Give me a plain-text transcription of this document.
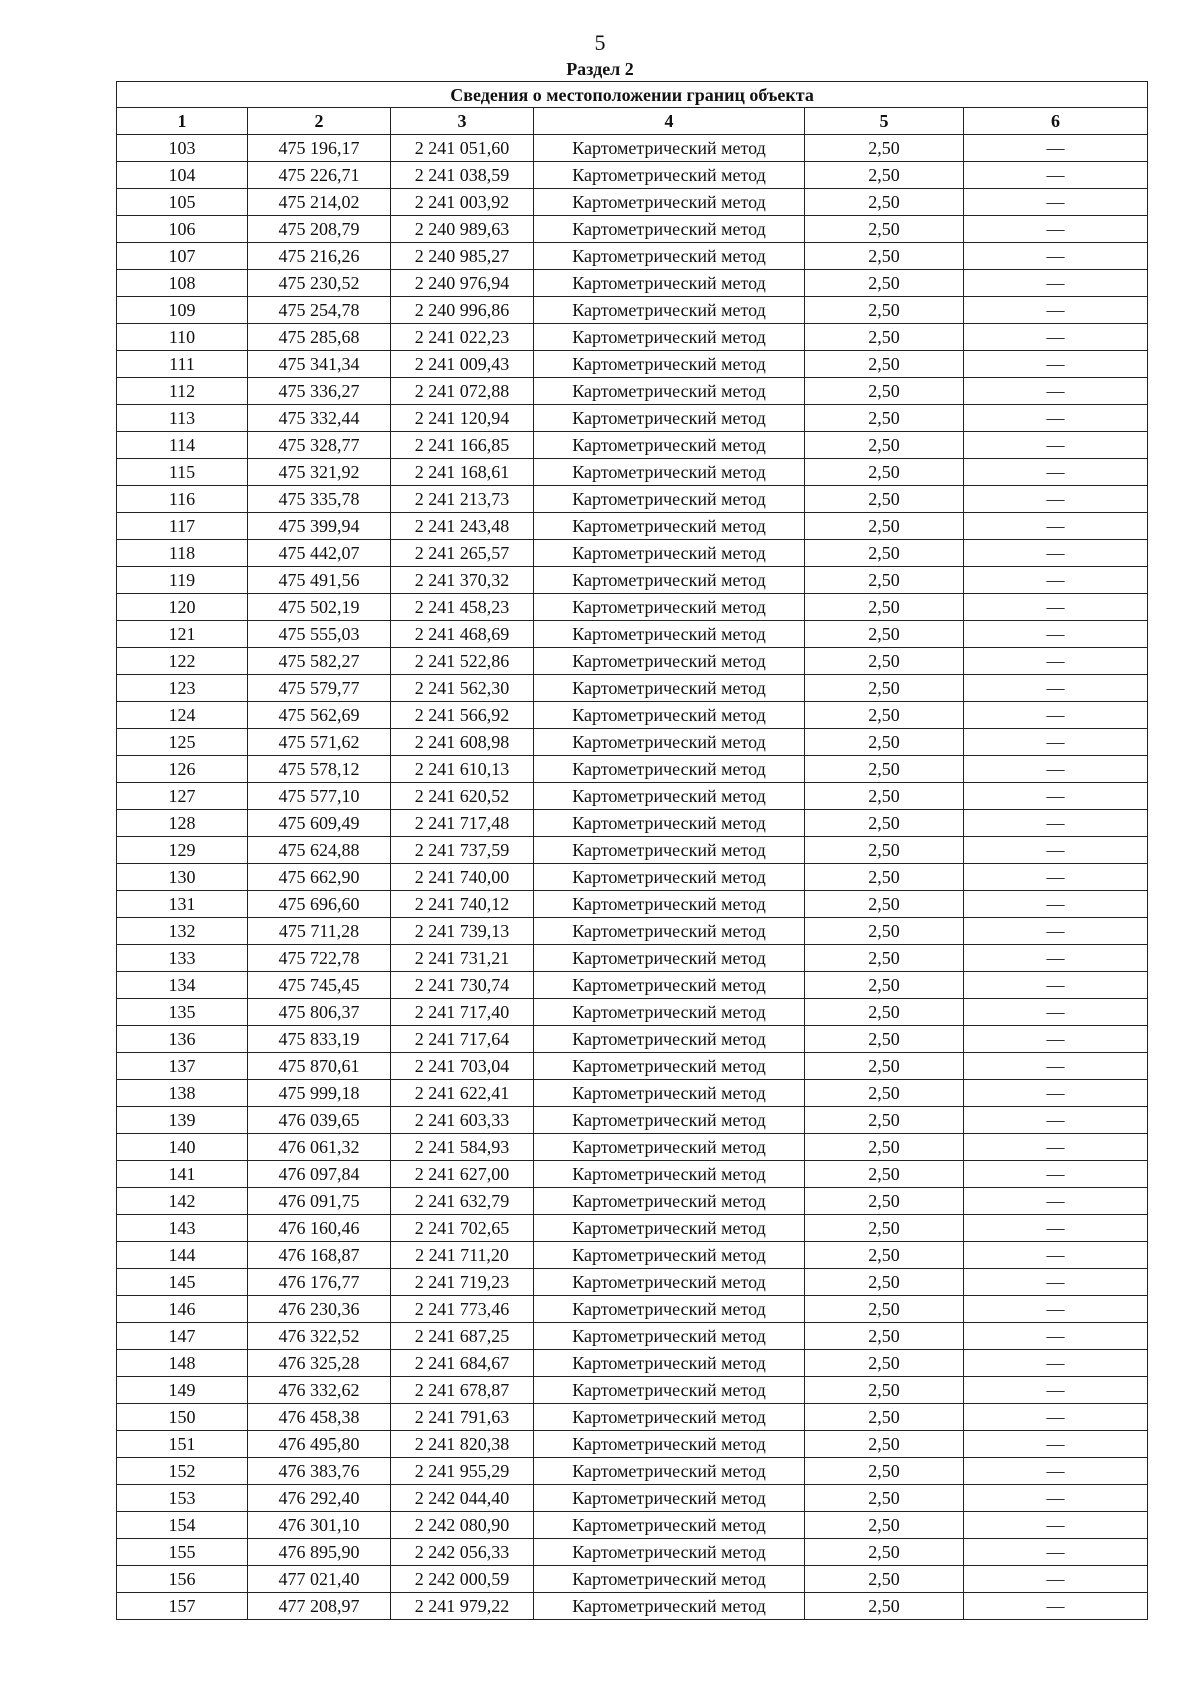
5
Раздел 2
Сведения о местоположении границ объекта					
1	2	3	4	5	6
103	475 196,17	2 241 051,60	Картометрический метод	2,50	—
104	475 226,71	2 241 038,59	Картометрический метод	2,50	—
105	475 214,02	2 241 003,92	Картометрический метод	2,50	—
106	475 208,79	2 240 989,63	Картометрический метод	2,50	—
107	475 216,26	2 240 985,27	Картометрический метод	2,50	—
108	475 230,52	2 240 976,94	Картометрический метод	2,50	—
109	475 254,78	2 240 996,86	Картометрический метод	2,50	—
110	475 285,68	2 241 022,23	Картометрический метод	2,50	—
111	475 341,34	2 241 009,43	Картометрический метод	2,50	—
112	475 336,27	2 241 072,88	Картометрический метод	2,50	—
113	475 332,44	2 241 120,94	Картометрический метод	2,50	—
114	475 328,77	2 241 166,85	Картометрический метод	2,50	—
115	475 321,92	2 241 168,61	Картометрический метод	2,50	—
116	475 335,78	2 241 213,73	Картометрический метод	2,50	—
117	475 399,94	2 241 243,48	Картометрический метод	2,50	—
118	475 442,07	2 241 265,57	Картометрический метод	2,50	—
119	475 491,56	2 241 370,32	Картометрический метод	2,50	—
120	475 502,19	2 241 458,23	Картометрический метод	2,50	—
121	475 555,03	2 241 468,69	Картометрический метод	2,50	—
122	475 582,27	2 241 522,86	Картометрический метод	2,50	—
123	475 579,77	2 241 562,30	Картометрический метод	2,50	—
124	475 562,69	2 241 566,92	Картометрический метод	2,50	—
125	475 571,62	2 241 608,98	Картометрический метод	2,50	—
126	475 578,12	2 241 610,13	Картометрический метод	2,50	—
127	475 577,10	2 241 620,52	Картометрический метод	2,50	—
128	475 609,49	2 241 717,48	Картометрический метод	2,50	—
129	475 624,88	2 241 737,59	Картометрический метод	2,50	—
130	475 662,90	2 241 740,00	Картометрический метод	2,50	—
131	475 696,60	2 241 740,12	Картометрический метод	2,50	—
132	475 711,28	2 241 739,13	Картометрический метод	2,50	—
133	475 722,78	2 241 731,21	Картометрический метод	2,50	—
134	475 745,45	2 241 730,74	Картометрический метод	2,50	—
135	475 806,37	2 241 717,40	Картометрический метод	2,50	—
136	475 833,19	2 241 717,64	Картометрический метод	2,50	—
137	475 870,61	2 241 703,04	Картометрический метод	2,50	—
138	475 999,18	2 241 622,41	Картометрический метод	2,50	—
139	476 039,65	2 241 603,33	Картометрический метод	2,50	—
140	476 061,32	2 241 584,93	Картометрический метод	2,50	—
141	476 097,84	2 241 627,00	Картометрический метод	2,50	—
142	476 091,75	2 241 632,79	Картометрический метод	2,50	—
143	476 160,46	2 241 702,65	Картометрический метод	2,50	—
144	476 168,87	2 241 711,20	Картометрический метод	2,50	—
145	476 176,77	2 241 719,23	Картометрический метод	2,50	—
146	476 230,36	2 241 773,46	Картометрический метод	2,50	—
147	476 322,52	2 241 687,25	Картометрический метод	2,50	—
148	476 325,28	2 241 684,67	Картометрический метод	2,50	—
149	476 332,62	2 241 678,87	Картометрический метод	2,50	—
150	476 458,38	2 241 791,63	Картометрический метод	2,50	—
151	476 495,80	2 241 820,38	Картометрический метод	2,50	—
152	476 383,76	2 241 955,29	Картометрический метод	2,50	—
153	476 292,40	2 242 044,40	Картометрический метод	2,50	—
154	476 301,10	2 242 080,90	Картометрический метод	2,50	—
155	476 895,90	2 242 056,33	Картометрический метод	2,50	—
156	477 021,40	2 242 000,59	Картометрический метод	2,50	—
157	477 208,97	2 241 979,22	Картометрический метод	2,50	—
